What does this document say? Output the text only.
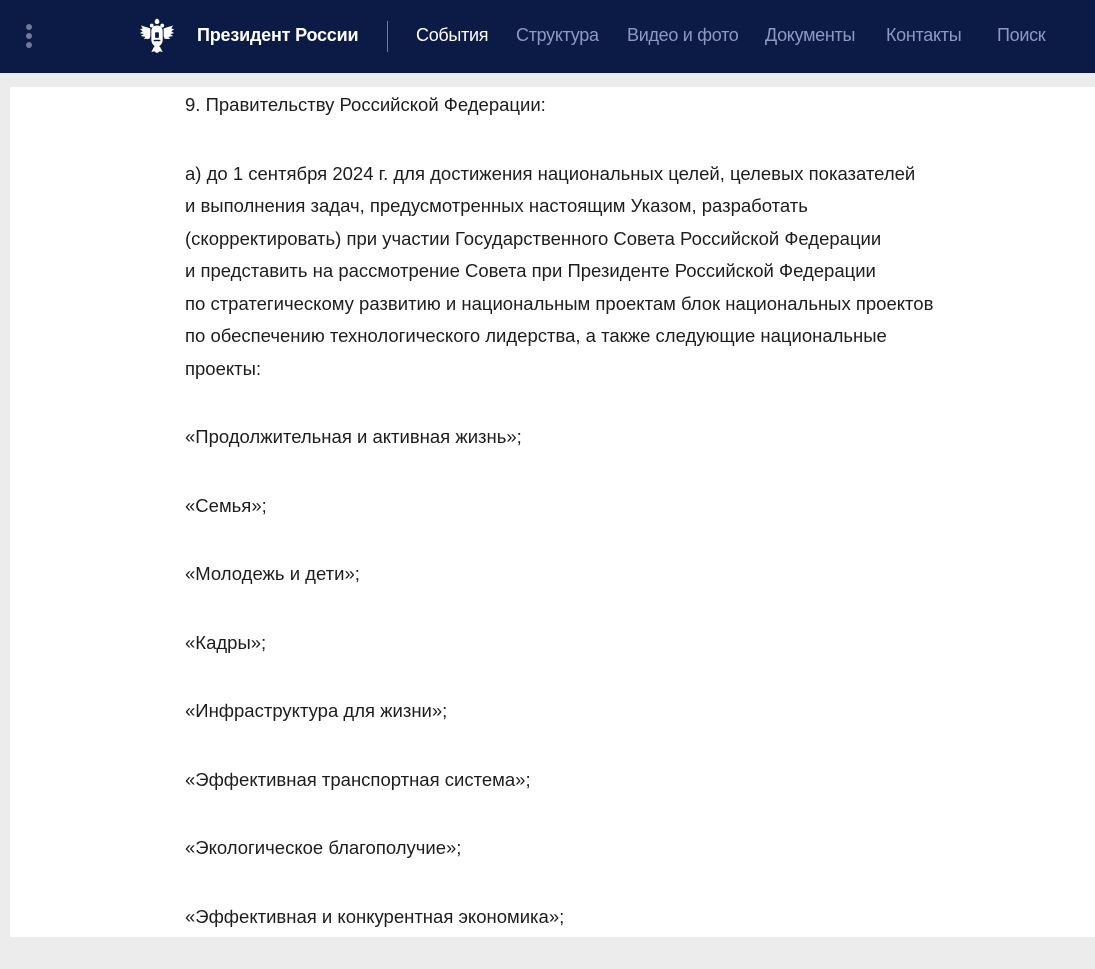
Президент России	События Структура Видео и фото Документы Контакты Поиск

9. Правительству Российской Федерации:

а) до 1 сентября 2024 г. для достижения национальных целей, целевых показателей
и выполнения задач, предусмотренных настоящим Указом, разработать
(скорректировать) при участии Государственного Совета Российской Федерации
и представить на рассмотрение Совета при Президенте Российской Федерации
по стратегическому развитию и национальным проектам блок национальных проектов
по обеспечению технологического лидерства, а также следующие национальные
проекты:

«Продолжительная и активная жизнь»;

«Семья»;

«Молодежь и дети»;

«Кадры»;

«Инфраструктура для жизни»;

«Эффективная транспортная система»;

«Экологическое благополучие»;

«Эффективная и конкурентная экономика»;
